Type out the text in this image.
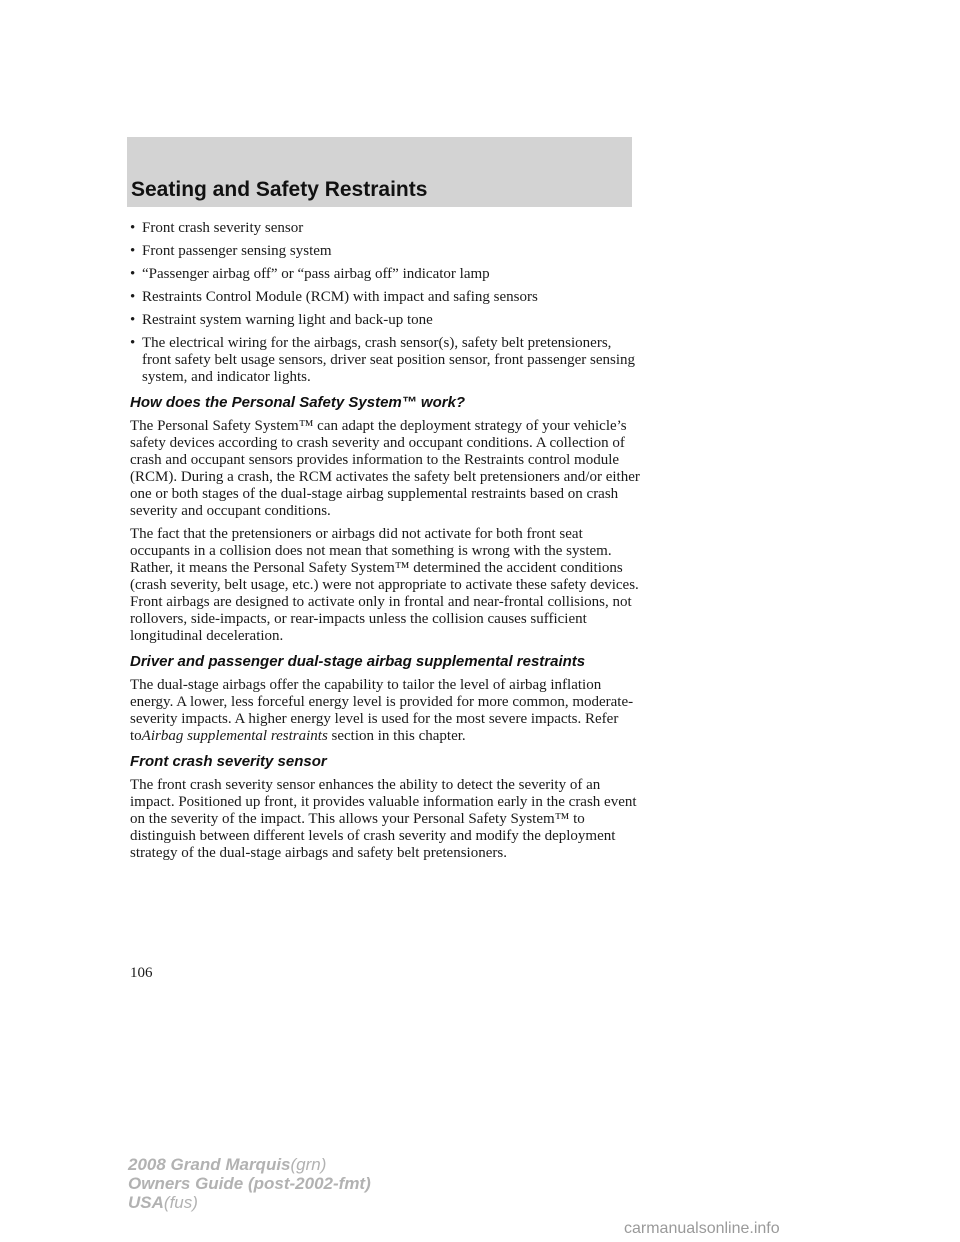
Seating and Safety Restraints
• Front crash severity sensor
• Front passenger sensing system
• “Passenger airbag off” or “pass airbag off” indicator lamp
• Restraints Control Module (RCM) with impact and safing sensors
• Restraint system warning light and back-up tone
• The electrical wiring for the airbags, crash sensor(s), safety belt pretensioners, front safety belt usage sensors, driver seat position sensor, front passenger sensing system, and indicator lights.
How does the Personal Safety System™ work?

The Personal Safety System™ can adapt the deployment strategy of your vehicle’s safety devices according to crash severity and occupant conditions. A collection of crash and occupant sensors provides information to the Restraints control module (RCM). During a crash, the RCM activates the safety belt pretensioners and/or either one or both stages of the dual-stage airbag supplemental restraints based on crash severity and occupant conditions.

The fact that the pretensioners or airbags did not activate for both front seat occupants in a collision does not mean that something is wrong with the system. Rather, it means the Personal Safety System™ determined the accident conditions (crash severity, belt usage, etc.) were not appropriate to activate these safety devices. Front airbags are designed to activate only in frontal and near-frontal collisions, not rollovers, side-impacts, or rear-impacts unless the collision causes sufficient longitudinal deceleration.

Driver and passenger dual-stage airbag supplemental restraints

The dual-stage airbags offer the capability to tailor the level of airbag inflation energy. A lower, less forceful energy level is provided for more common, moderate-severity impacts. A higher energy level is used for the most severe impacts. Refer toAirbag supplemental restraints section in this chapter.

Front crash severity sensor

The front crash severity sensor enhances the ability to detect the severity of an impact. Positioned up front, it provides valuable information early in the crash event on the severity of the impact. This allows your Personal Safety System™ to distinguish between different levels of crash severity and modify the deployment strategy of the dual-stage airbags and safety belt pretensioners.

106
2008 Grand Marquis(grn)
Owners Guide (post-2002-fmt)
USA(fus)
carmanualsonline.info
